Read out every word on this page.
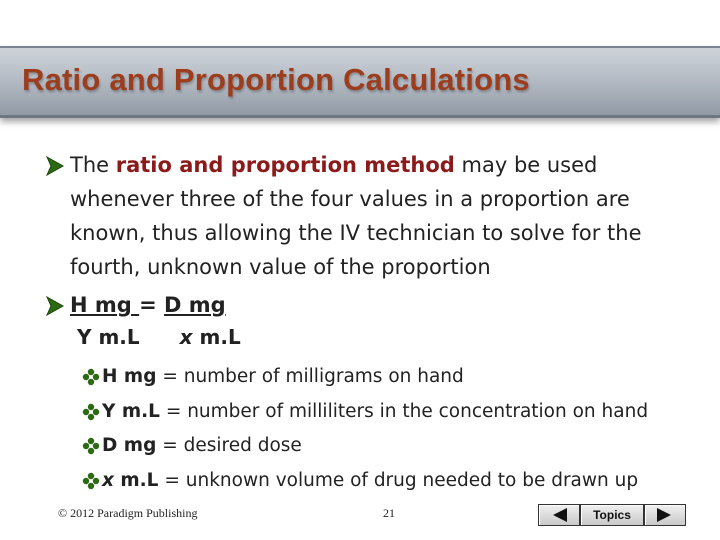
Ratio and Proportion Calculations
The ratio and proportion method may be used whenever three of the four values in a proportion are known, thus allowing the IV technician to solve for the fourth, unknown value of the proportion
H mg = D mg
Y m.L x m.L
H mg = number of milligrams on hand
Y m.L = number of milliliters in the concentration on hand
D mg = desired dose
x m.L = unknown volume of drug needed to be drawn up
© 2012 Paradigm Publishing	21	Topics
